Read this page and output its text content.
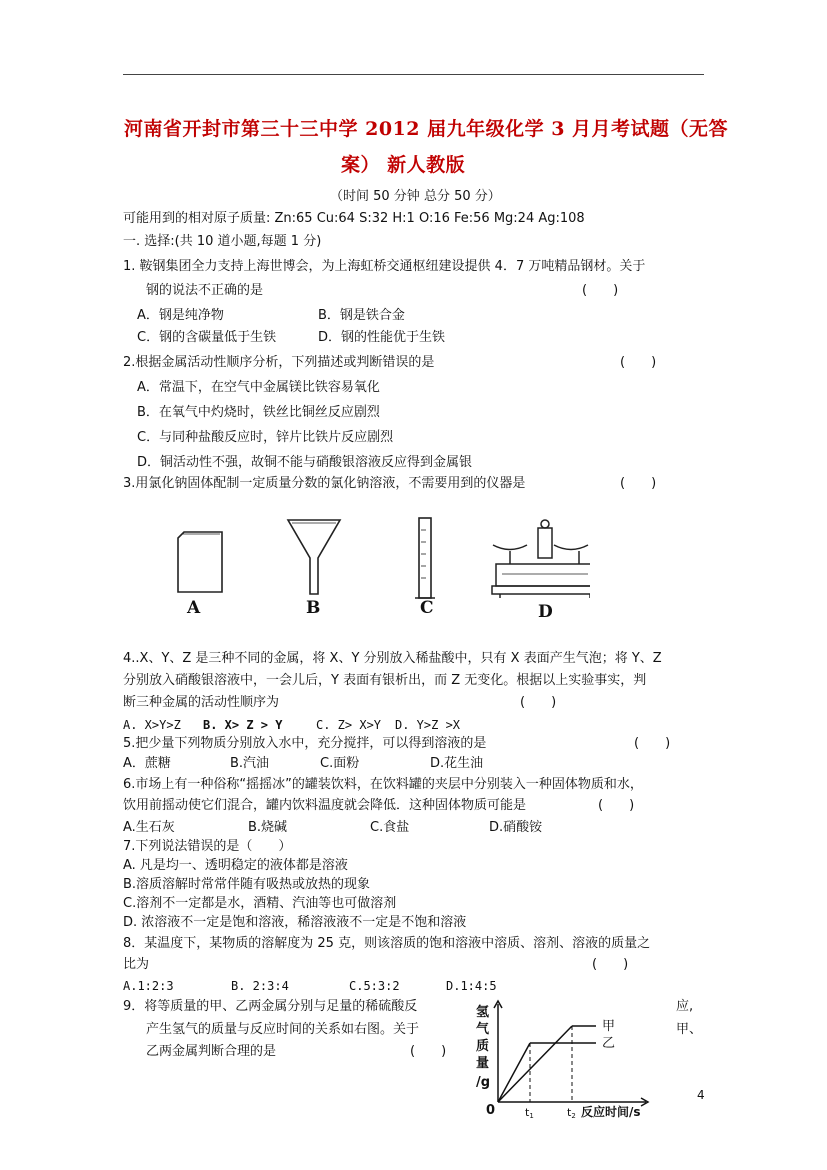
河南省开封市第三十三中学 2012 届九年级化学 3 月月考试题（无答
案） 新人教版
（时间 50 分钟 总分 50 分）
可能用到的相对原子质量: Zn:65 Cu:64 S:32 H:1 O:16 Fe:56 Mg:24 Ag:108
一. 选择:(共 10 道小题,每题 1 分)
1. 鞍钢集团全力支持上海世博会，为上海虹桥交通枢纽建设提供 4．7 万吨精品钢材。关于
钢的说法不正确的是	(　　)
A．钢是纯净物	B．钢是铁合金
C．钢的含碳量低于生铁	D．钢的性能优于生铁
2.根据金属活动性顺序分析，下列描述或判断错误的是	(　　)
A．常温下，在空气中金属镁比铁容易氧化
B．在氧气中灼烧时，铁丝比铜丝反应剧烈
C．与同种盐酸反应时，锌片比铁片反应剧烈
D．铜活动性不强，故铜不能与硝酸银溶液反应得到金属银
3.用氯化钠固体配制一定质量分数的氯化钠溶液，不需要用到的仪器是	(　　)
A	B	C	D
4..X、Y、Z 是三种不同的金属，将 X、Y 分别放入稀盐酸中，只有 X 表面产生气泡；将 Y、Z
分别放入硝酸银溶液中，一会儿后，Y 表面有银析出，而 Z 无变化。根据以上实验事实，判
断三种金属的活动性顺序为	(　　)
A. X>Y>Z B. X> Z > Y	C. Z> X>Y D. Y>Z >X
5.把少量下列物质分别放入水中，充分搅拌，可以得到溶液的是	(　　)
A．蔗糖	B.汽油	C.面粉	D.花生油
6.市场上有一种俗称“摇摇冰”的罐装饮料，在饮料罐的夹层中分别装入一种固体物质和水，
饮用前摇动使它们混合，罐内饮料温度就会降低．这种固体物质可能是	(　　)
A.生石灰	B.烧碱	C.食盐	D.硝酸铵
7.下列说法错误的是（　　）
A. 凡是均一、透明稳定的液体都是溶液
B.溶质溶解时常常伴随有吸热或放热的现象
C.溶剂不一定都是水，酒精、汽油等也可做溶剂
D. 浓溶液不一定是饱和溶液，稀溶液液不一定是不饱和溶液
8．某温度下，某物质的溶解度为 25 克，则该溶质的饱和溶液中溶质、溶剂、溶液的质量之
比为	(　　)
A.1:2:3	B. 2:3:4	C.5:3:2	D.1:4:5
9．将等质量的甲、乙两金属分别与足量的稀硫酸反	应,
产生氢气的质量与反应时间的关系如右图。关于	甲、
乙两金属判断合理的是	(　　)
氢
气
质
量
/g
0
甲
乙
t1	t2 反应时间/s
4
